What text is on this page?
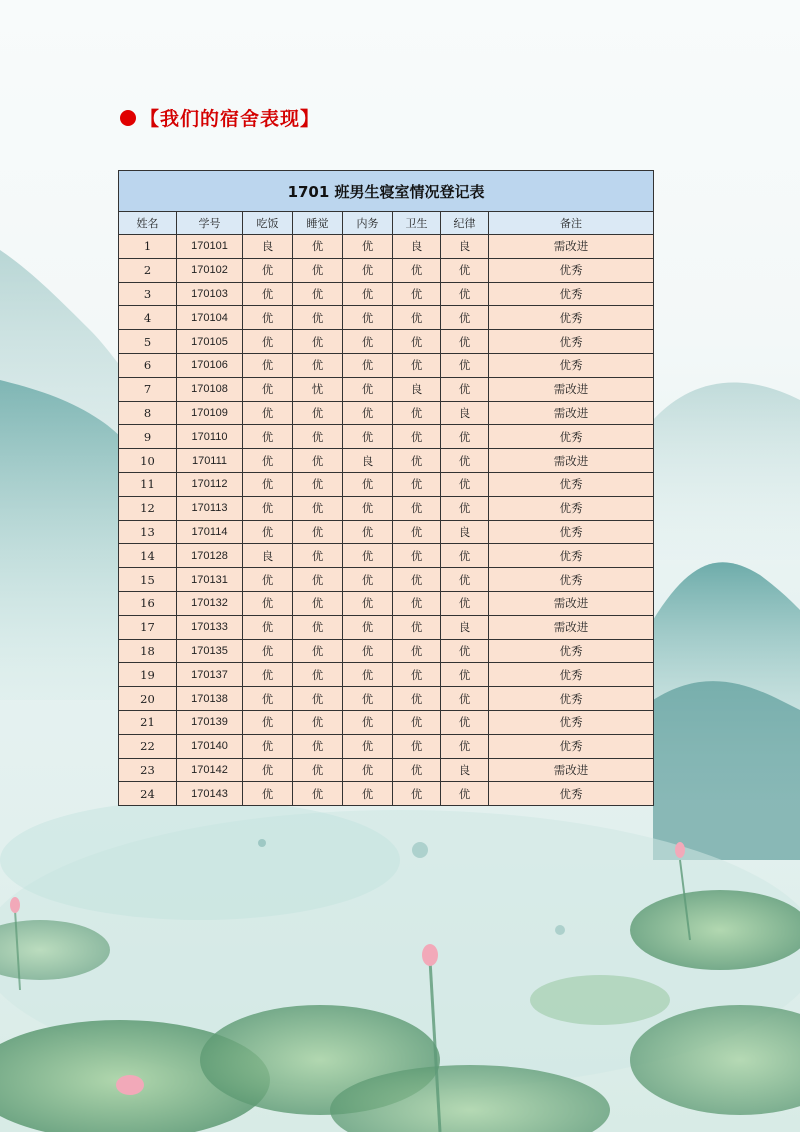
【我们的宿舍表现】
1701 班男生寝室情况登记表							
姓名	学号	吃饭	睡觉	内务	卫生	纪律	备注
1	170101	良	优	优	良	良	需改进
2	170102	优	优	优	优	优	优秀
3	170103	优	优	优	优	优	优秀
4	170104	优	优	优	优	优	优秀
5	170105	优	优	优	优	优	优秀
6	170106	优	优	优	优	优	优秀
7	170108	优	忧	优	良	优	需改进
8	170109	优	优	优	优	良	需改进
9	170110	优	优	优	优	优	优秀
10	170111	优	优	良	优	优	需改进
11	170112	优	优	优	优	优	优秀
12	170113	优	优	优	优	优	优秀
13	170114	优	优	优	优	良	优秀
14	170128	良	优	优	优	优	优秀
15	170131	优	优	优	优	优	优秀
16	170132	优	优	优	优	优	需改进
17	170133	优	优	优	优	良	需改进
18	170135	优	优	优	优	优	优秀
19	170137	优	优	优	优	优	优秀
20	170138	优	优	优	优	优	优秀
21	170139	优	优	优	优	优	优秀
22	170140	优	优	优	优	优	优秀
23	170142	优	优	优	优	良	需改进
24	170143	优	优	优	优	优	优秀
